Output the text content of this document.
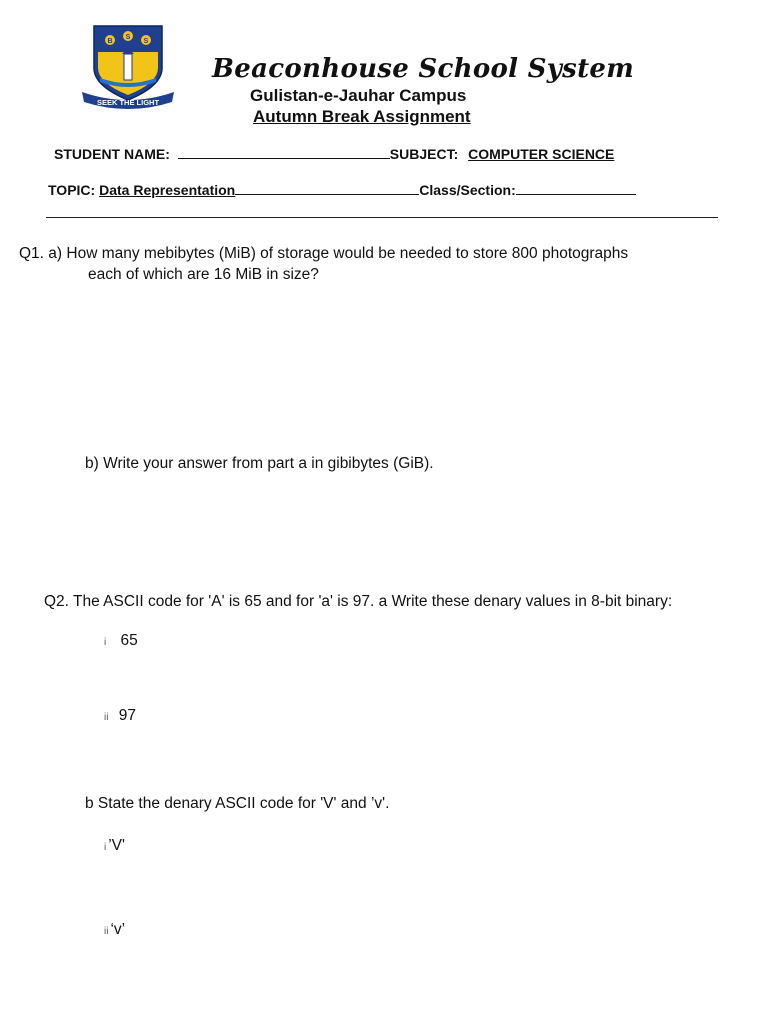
B
S
S
SEEK THE LIGHT
Beaconhouse School System
Gulistan-e-Jauhar Campus
Autumn Break Assignment
STUDENT NAME:	SUBJECT: COMPUTER SCIENCE
TOPIC: Data Representation	Class/Section:
Q1. a) How many mebibytes (MiB) of storage would be needed to store 800 photographs
each of which are 16 MiB in size?
b) Write your answer from part a in gibibytes (GiB).
Q2. The ASCII code for 'A' is 65 and for 'a' is 97. a Write these denary values in 8-bit binary:
i 65
ii 97
b State the denary ASCII code for 'V' and ’v'.
i ’V'
ii ‘v’
